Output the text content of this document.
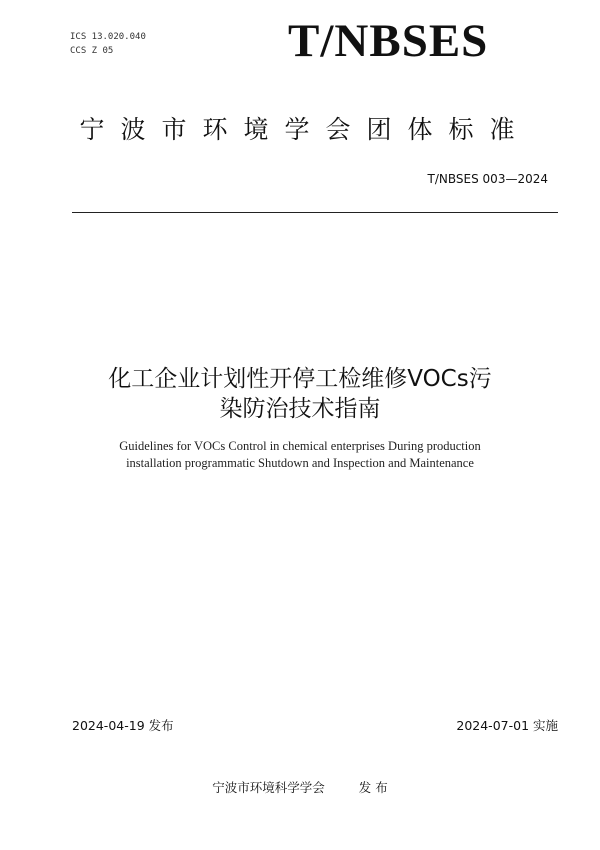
ICS 13.020.040
CCS Z 05	T/NBSES
宁波市环境学会团体标准
T/NBSES 003—2024
化工企业计划性开停工检维修VOCs污
染防治技术指南
Guidelines for VOCs Control in chemical enterprises During production
installation programmatic Shutdown and Inspection and Maintenance
2024-04-19 发布	2024-07-01 实施
宁波市环境科学学会	发 布
